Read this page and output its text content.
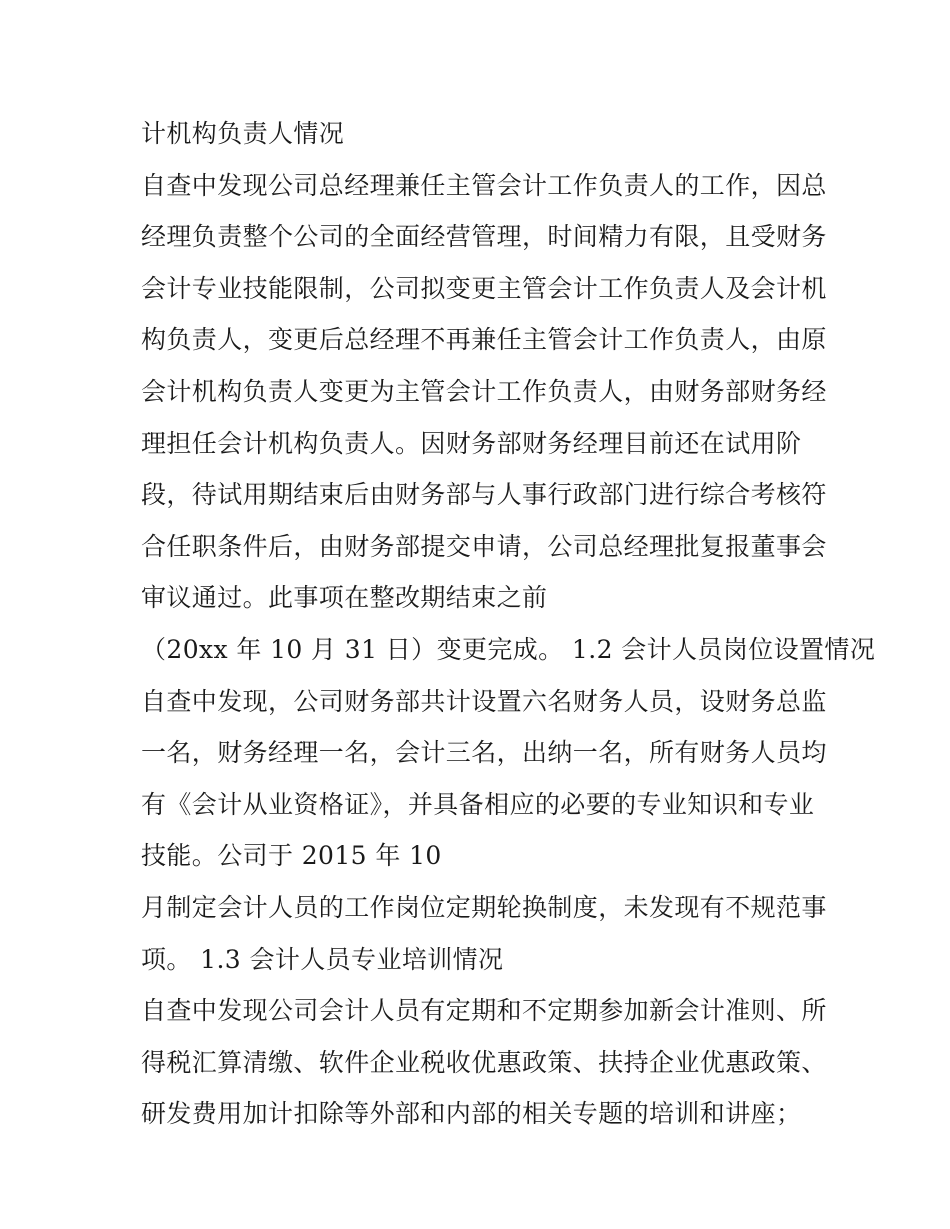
计机构负责人情况
自查中发现公司总经理兼任主管会计工作负责人的工作，因总
经理负责整个公司的全面经营管理，时间精力有限，且受财务
会计专业技能限制，公司拟变更主管会计工作负责人及会计机
构负责人，变更后总经理不再兼任主管会计工作负责人，由原
会计机构负责人变更为主管会计工作负责人，由财务部财务经
理担任会计机构负责人。因财务部财务经理目前还在试用阶
段，待试用期结束后由财务部与人事行政部门进行综合考核符
合任职条件后，由财务部提交申请，公司总经理批复报董事会
审议通过。此事项在整改期结束之前
（20xx 年 10 月 31 日）变更完成。 1.2 会计人员岗位设置情况
自查中发现，公司财务部共计设置六名财务人员，设财务总监
一名，财务经理一名，会计三名，出纳一名，所有财务人员均
有《会计从业资格证》，并具备相应的必要的专业知识和专业
技能。公司于 2015 年 10
月制定会计人员的工作岗位定期轮换制度，未发现有不规范事
项。 1.3 会计人员专业培训情况
自查中发现公司会计人员有定期和不定期参加新会计准则、所
得税汇算清缴、软件企业税收优惠政策、扶持企业优惠政策、
研发费用加计扣除等外部和内部的相关专题的培训和讲座；
